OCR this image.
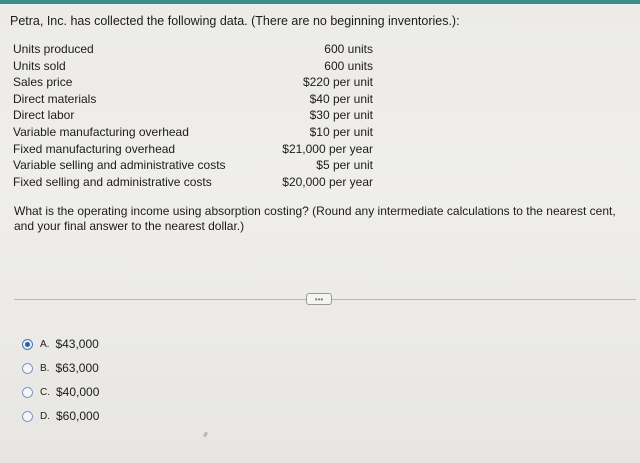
Petra, Inc. has collected the following data. (There are no beginning inventories.):
Units produced	600 units
Units sold	600 units
Sales price	$220 per unit
Direct materials	$40 per unit
Direct labor	$30 per unit
Variable manufacturing overhead	$10 per unit
Fixed manufacturing overhead	$21,000 per year
Variable selling and administrative costs	$5 per unit
Fixed selling and administrative costs	$20,000 per year
What is the operating income using absorption costing? (Round any intermediate calculations to the nearest cent, and your final answer to the nearest dollar.)
•••
A. $43,000
B. $63,000
C. $40,000
D. $60,000
